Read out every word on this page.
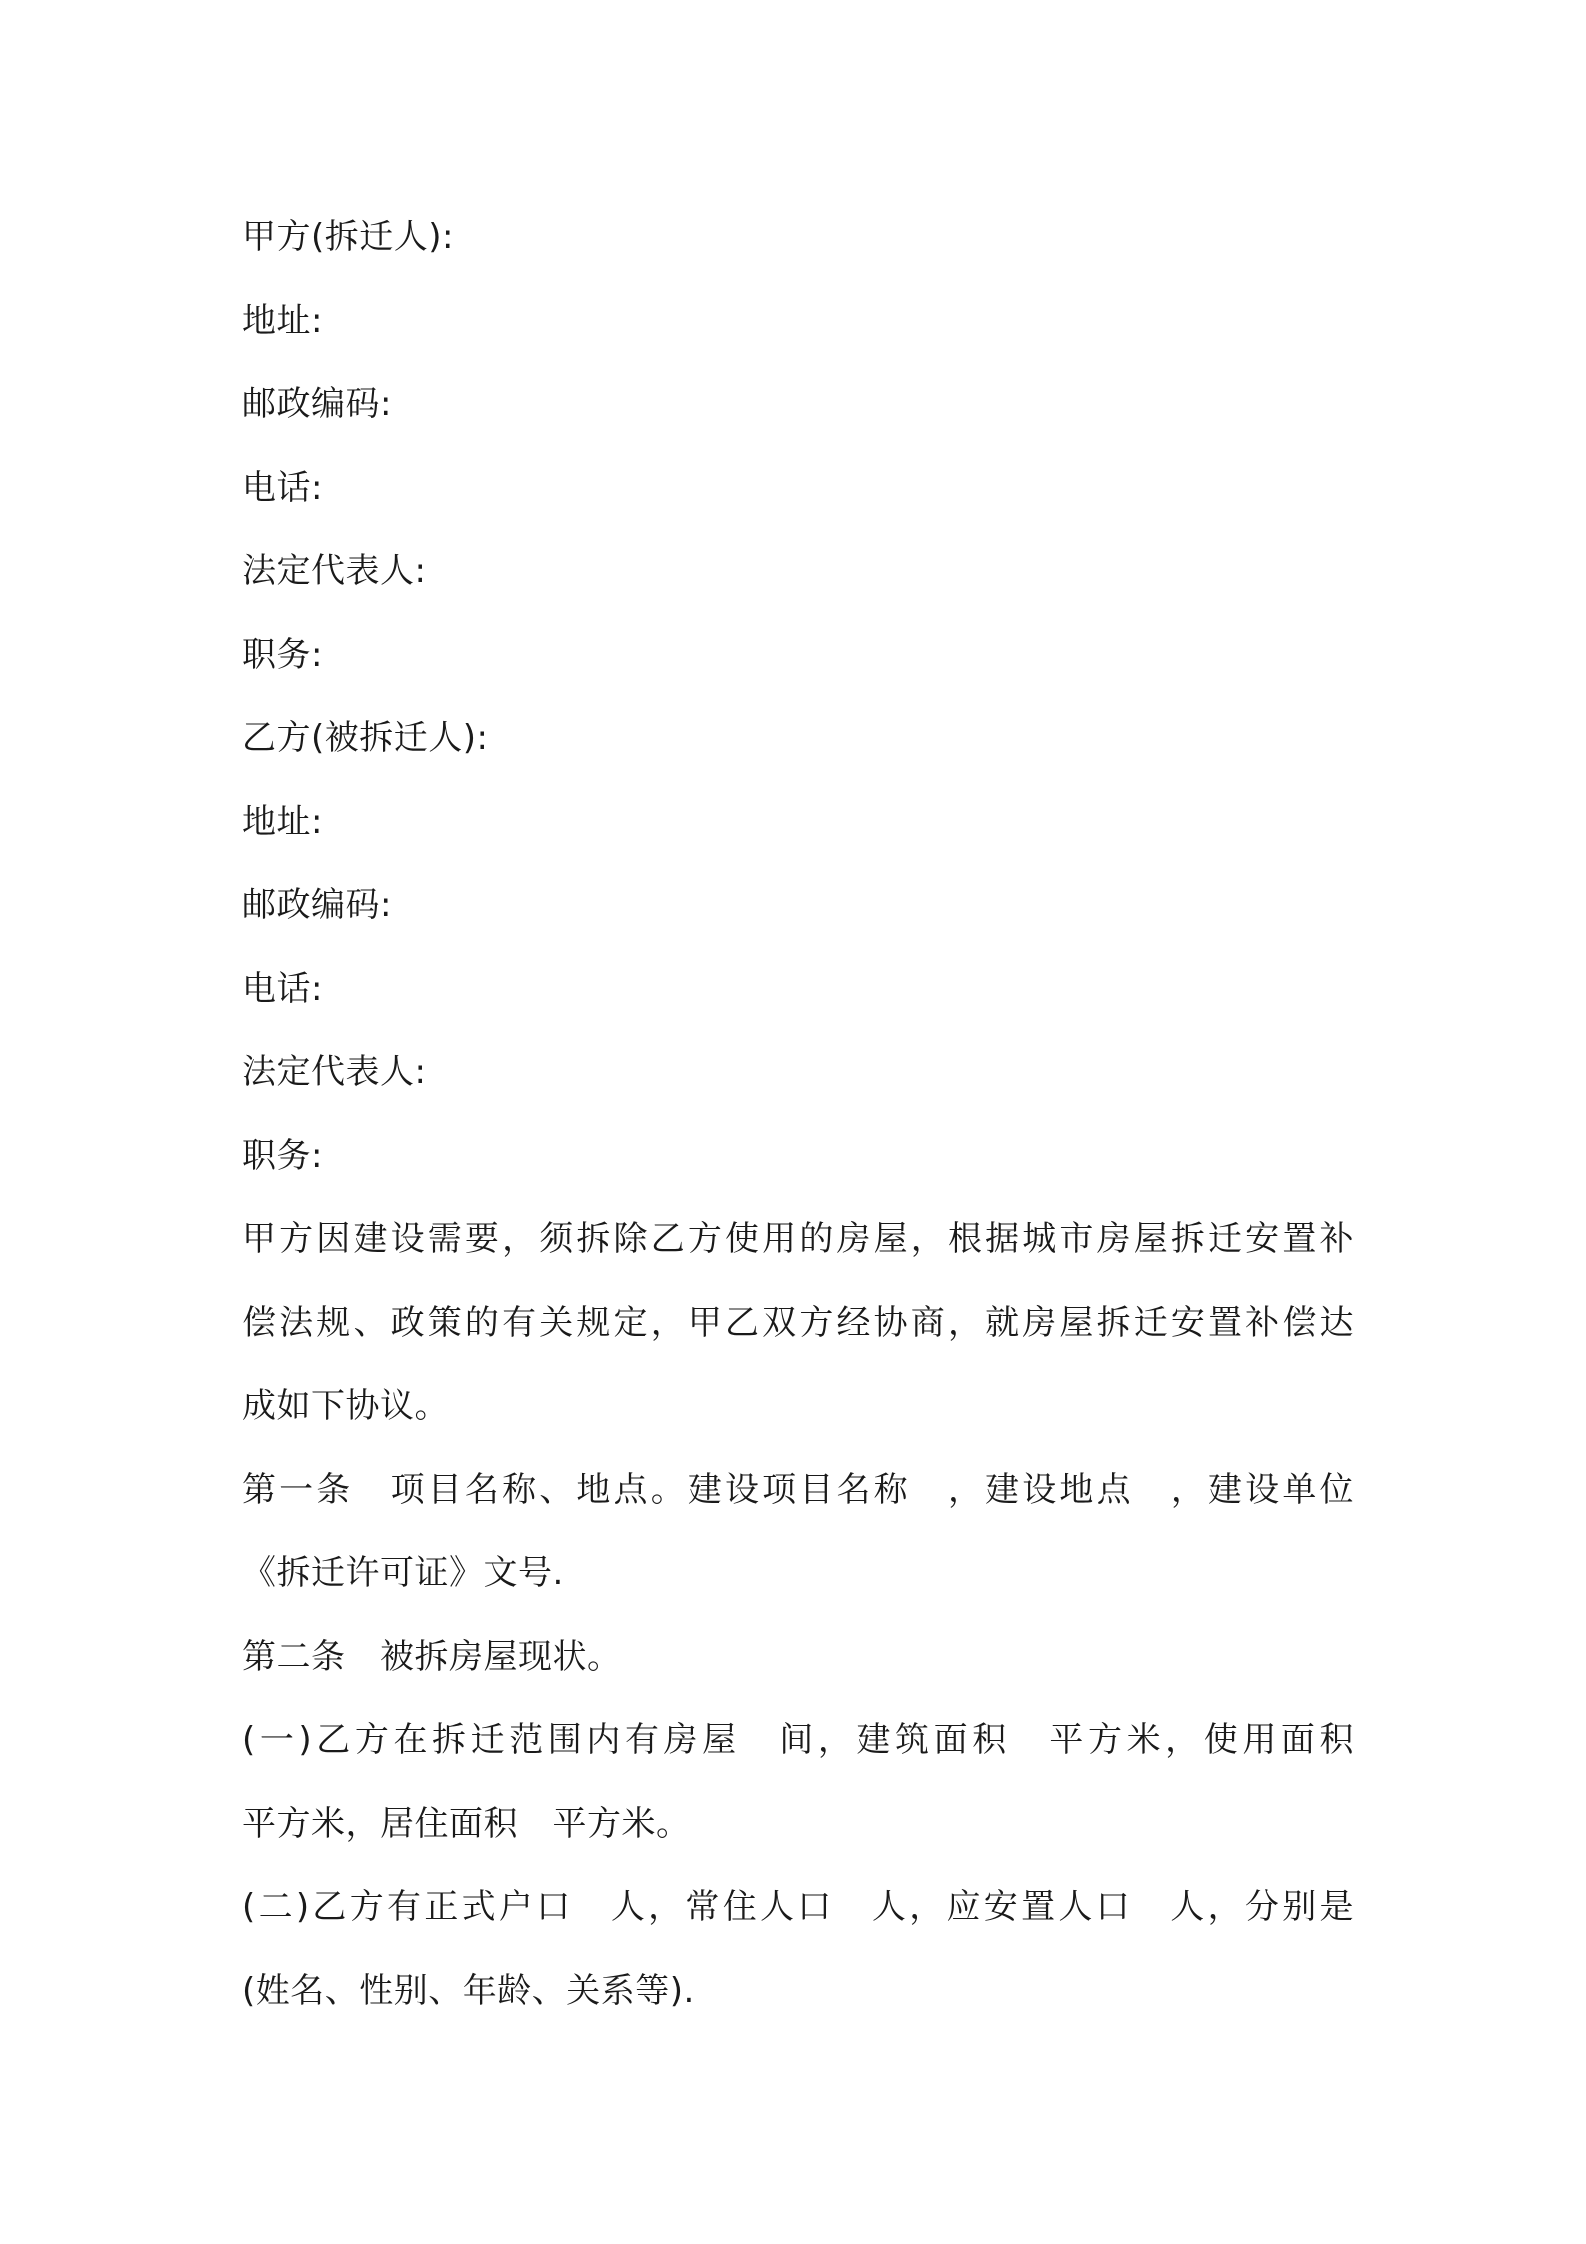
甲方(拆迁人):
地址:
邮政编码:
电话:
法定代表人:
职务:
乙方(被拆迁人):
地址:
邮政编码:
电话:
法定代表人:
职务:
甲方因建设需要，须拆除乙方使用的房屋，根据城市房屋拆迁安置补
偿法规、政策的有关规定，甲乙双方经协商，就房屋拆迁安置补偿达
成如下协议。
第一条　项目名称、地点。建设项目名称　，建设地点　，建设单位
《拆迁许可证》文号.
第二条　被拆房屋现状。
(一)乙方在拆迁范围内有房屋　间，建筑面积　平方米，使用面积
平方米，居住面积　平方米。
(二)乙方有正式户口　人，常住人口　人，应安置人口　人，分别是
(姓名、性别、年龄、关系等).
